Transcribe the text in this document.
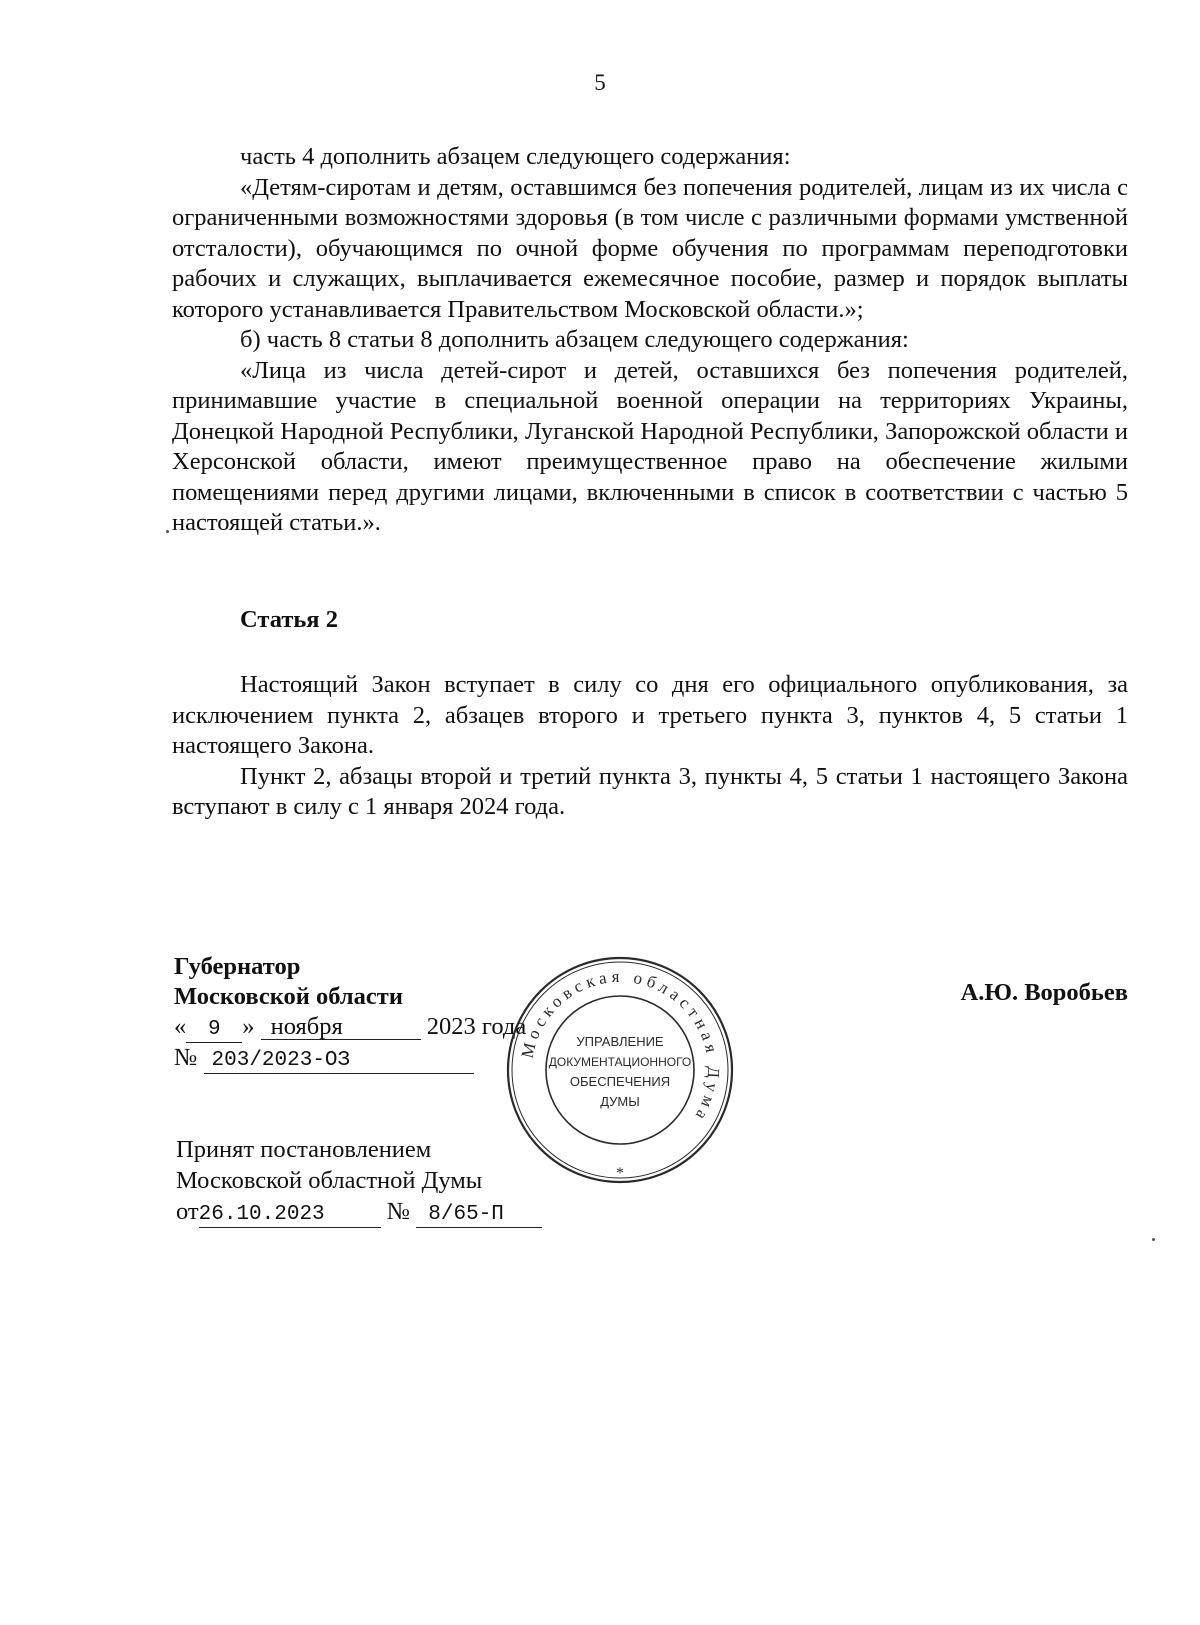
5

часть 4 дополнить абзацем следующего содержания:

«Детям-сиротам и детям, оставшимся без попечения родителей, лицам из их числа с ограниченными возможностями здоровья (в том числе с различными формами умственной отсталости), обучающимся по очной форме обучения по программам переподготовки рабочих и служащих, выплачивается ежемесячное пособие, размер и порядок выплаты которого устанавливается Правительством Московской области.»;

б) часть 8 статьи 8 дополнить абзацем следующего содержания:

«Лица из числа детей-сирот и детей, оставшихся без попечения родителей, принимавшие участие в специальной военной операции на территориях Украины, Донецкой Народной Республики, Луганской Народной Республики, Запорожской области и Херсонской области, имеют преимущественное право на обеспечение жилыми помещениями перед другими лицами, включенными в список в соответствии с частью 5 настоящей статьи.».

Статья 2

Настоящий Закон вступает в силу со дня его официального опубликования, за исключением пункта 2, абзацев второго и третьего пункта 3, пунктов 4, 5 статьи 1 настоящего Закона.

Пункт 2, абзацы второй и третий пункта 3, пункты 4, 5 статьи 1 настоящего Закона вступают в силу с 1 января 2024 года.

Губернатор
Московской области
« 9 » ноября	2023 года
№ 203/2023-ОЗ
А.Ю. Воробьев
Принят постановлением
Московской областной Думы
от26.10.2023	№ 8/65-П
Московская областная Дума
УПРАВЛЕНИЕ
ДОКУМЕНТАЦИОННОГО
ОБЕСПЕЧЕНИЯ
ДУМЫ
*
